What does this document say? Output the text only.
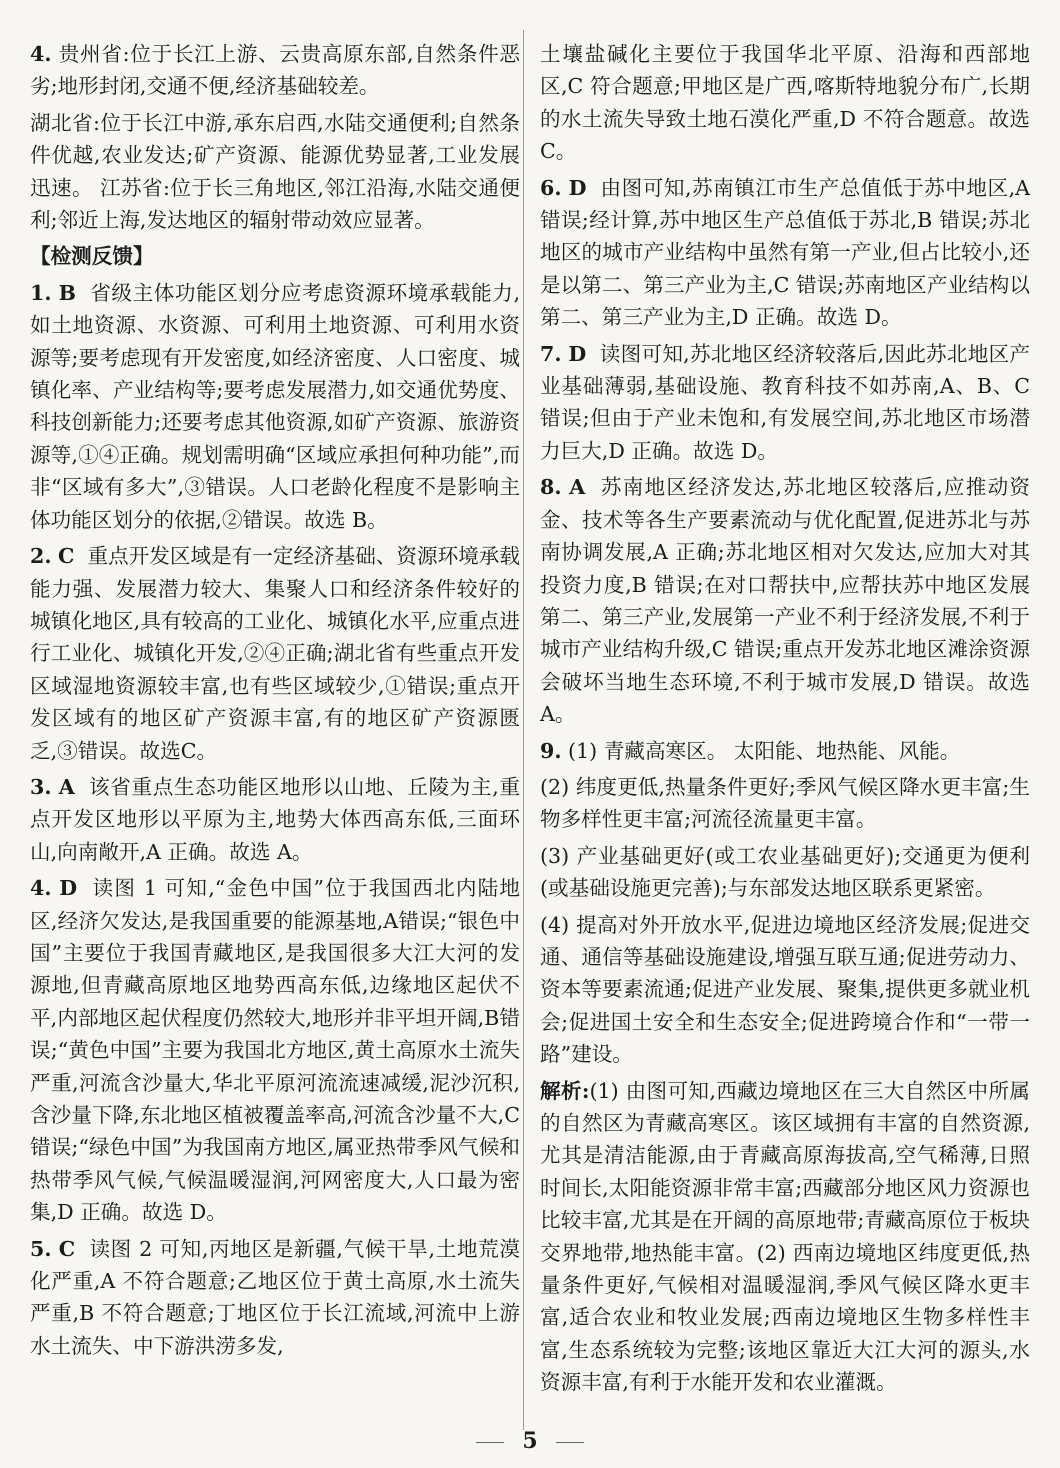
4. 贵州省:位于长江上游、云贵高原东部,自然条件恶劣;地形封闭,交通不便,经济基础较差。

湖北省:位于长江中游,承东启西,水陆交通便利;自然条件优越,农业发达;矿产资源、能源优势显著,工业发展迅速。 江苏省:位于长三角地区,邻江沿海,水陆交通便利;邻近上海,发达地区的辐射带动效应显著。

【检测反馈】

1. B 省级主体功能区划分应考虑资源环境承载能力,如土地资源、水资源、可利用土地资源、可利用水资源等;要考虑现有开发密度,如经济密度、人口密度、城镇化率、产业结构等;要考虑发展潜力,如交通优势度、科技创新能力;还要考虑其他资源,如矿产资源、旅游资源等,①④正确。规划需明确“区域应承担何种功能”,而非“区域有多大”,③错误。人口老龄化程度不是影响主体功能区划分的依据,②错误。故选 B。

2. C 重点开发区域是有一定经济基础、资源环境承载能力强、发展潜力较大、集聚人口和经济条件较好的城镇化地区,具有较高的工业化、城镇化水平,应重点进行工业化、城镇化开发,②④正确;湖北省有些重点开发区域湿地资源较丰富,也有些区域较少,①错误;重点开发区域有的地区矿产资源丰富,有的地区矿产资源匮乏,③错误。故选C。

3. A 该省重点生态功能区地形以山地、丘陵为主,重点开发区地形以平原为主,地势大体西高东低,三面环山,向南敞开,A 正确。故选 A。

4. D 读图 1 可知,“金色中国”位于我国西北内陆地区,经济欠发达,是我国重要的能源基地,A错误;“银色中国”主要位于我国青藏地区,是我国很多大江大河的发源地,但青藏高原地区地势西高东低,边缘地区起伏不平,内部地区起伏程度仍然较大,地形并非平坦开阔,B错误;“黄色中国”主要为我国北方地区,黄土高原水土流失严重,河流含沙量大,华北平原河流流速减缓,泥沙沉积,含沙量下降,东北地区植被覆盖率高,河流含沙量不大,C 错误;“绿色中国”为我国南方地区,属亚热带季风气候和热带季风气候,气候温暖湿润,河网密度大,人口最为密集,D 正确。故选 D。

5. C 读图 2 可知,丙地区是新疆,气候干旱,土地荒漠化严重,A 不符合题意;乙地区位于黄土高原,水土流失严重,B 不符合题意;丁地区位于长江流域,河流中上游水土流失、中下游洪涝多发,

土壤盐碱化主要位于我国华北平原、沿海和西部地区,C 符合题意;甲地区是广西,喀斯特地貌分布广,长期的水土流失导致土地石漠化严重,D 不符合题意。故选 C。

6. D 由图可知,苏南镇江市生产总值低于苏中地区,A 错误;经计算,苏中地区生产总值低于苏北,B 错误;苏北地区的城市产业结构中虽然有第一产业,但占比较小,还是以第二、第三产业为主,C 错误;苏南地区产业结构以第二、第三产业为主,D 正确。故选 D。

7. D 读图可知,苏北地区经济较落后,因此苏北地区产业基础薄弱,基础设施、教育科技不如苏南,A、B、C 错误;但由于产业未饱和,有发展空间,苏北地区市场潜力巨大,D 正确。故选 D。

8. A 苏南地区经济发达,苏北地区较落后,应推动资金、技术等各生产要素流动与优化配置,促进苏北与苏南协调发展,A 正确;苏北地区相对欠发达,应加大对其投资力度,B 错误;在对口帮扶中,应帮扶苏中地区发展第二、第三产业,发展第一产业不利于经济发展,不利于城市产业结构升级,C 错误;重点开发苏北地区滩涂资源会破坏当地生态环境,不利于城市发展,D 错误。故选 A。

9. (1) 青藏高寒区。 太阳能、地热能、风能。

(2) 纬度更低,热量条件更好;季风气候区降水更丰富;生物多样性更丰富;河流径流量更丰富。

(3) 产业基础更好(或工农业基础更好);交通更为便利(或基础设施更完善);与东部发达地区联系更紧密。

(4) 提高对外开放水平,促进边境地区经济发展;促进交通、通信等基础设施建设,增强互联互通;促进劳动力、资本等要素流通;促进产业发展、聚集,提供更多就业机会;促进国土安全和生态安全;促进跨境合作和“一带一路”建设。

解析:(1) 由图可知,西藏边境地区在三大自然区中所属的自然区为青藏高寒区。该区域拥有丰富的自然资源,尤其是清洁能源,由于青藏高原海拔高,空气稀薄,日照时间长,太阳能资源非常丰富;西藏部分地区风力资源也比较丰富,尤其是在开阔的高原地带;青藏高原位于板块交界地带,地热能丰富。(2) 西南边境地区纬度更低,热量条件更好,气候相对温暖湿润,季风气候区降水更丰富,适合农业和牧业发展;西南边境地区生物多样性丰富,生态系统较为完整;该地区靠近大江大河的源头,水资源丰富,有利于水能开发和农业灌溉。

5
